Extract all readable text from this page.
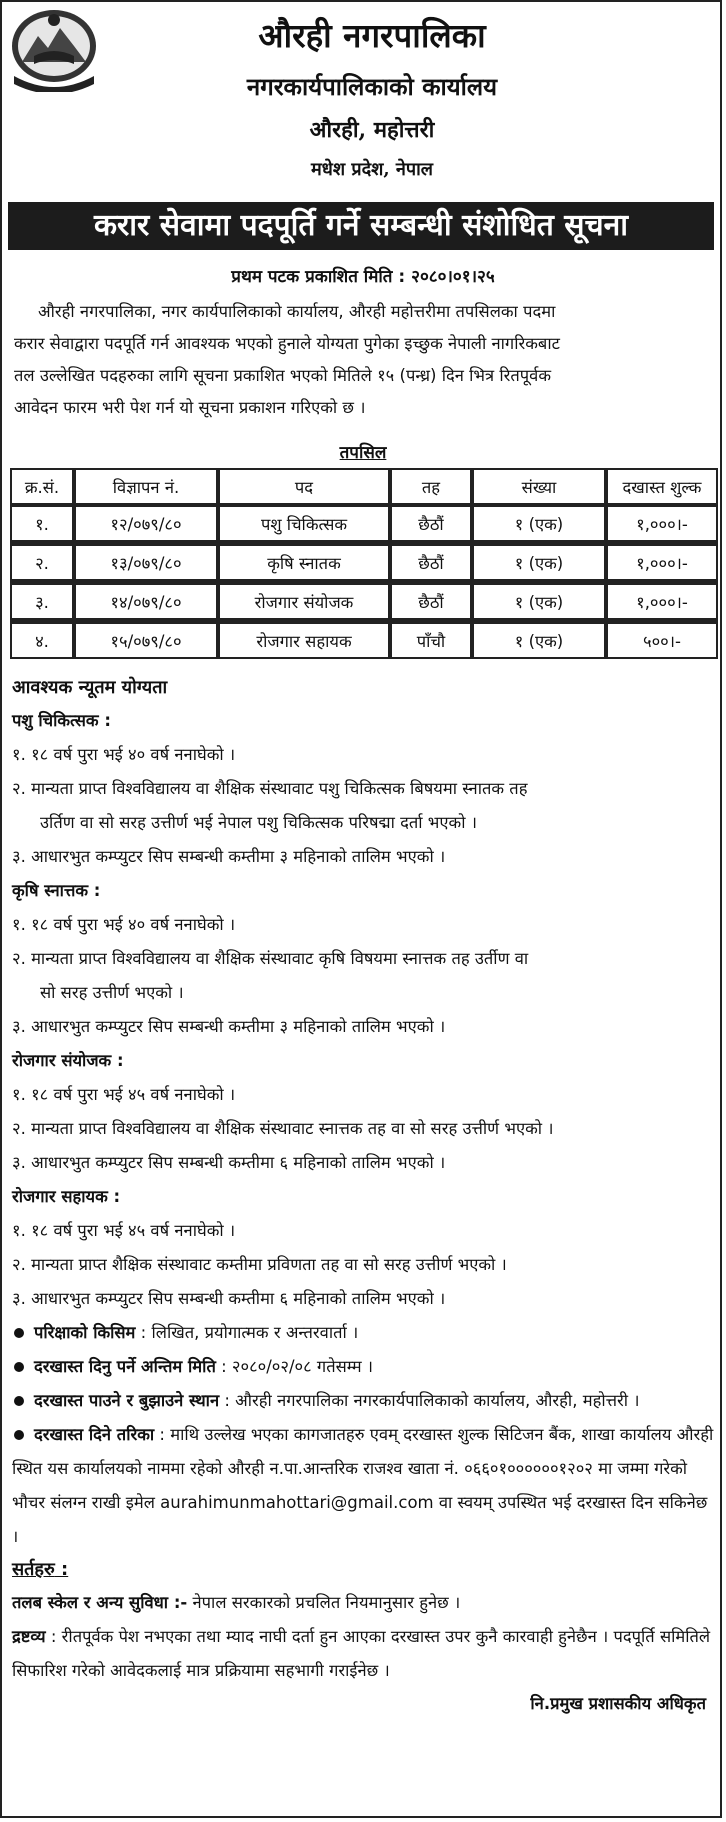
औरही नगरपालिका
नगरकार्यपालिकाको कार्यालय
औरही, महोत्तरी
मधेश प्रदेश, नेपाल
करार सेवामा पदपूर्ति गर्ने सम्बन्धी संशोधित सूचना
प्रथम पटक प्रकाशित मिति : २०८०।०१।२५
औरही नगरपालिका, नगर कार्यपालिकाको कार्यालय, औरही महोत्तरीमा तपसिलका पदमा
करार सेवाद्वारा पदपूर्ति गर्न आवश्यक भएको हुनाले योग्यता पुगेका इच्छुक नेपाली नागरिकबाट
तल उल्लेखित पदहरुका लागि सूचना प्रकाशित भएको मितिले १५ (पन्ध्र) दिन भित्र रितपूर्वक
आवेदन फारम भरी पेश गर्न यो सूचना प्रकाशन गरिएको छ ।
तपसिल
क्र.सं.	विज्ञापन नं.	पद	तह	संख्या	दखास्त शुल्क
१.	१२/०७९/८०	पशु चिकित्सक	छैठौं	१ (एक)	१,०००।-
२.	१३/०७९/८०	कृषि स्नातक	छैठौं	१ (एक)	१,०००।-
३.	१४/०७९/८०	रोजगार संयोजक	छैठौं	१ (एक)	१,०००।-
४.	१५/०७९/८०	रोजगार सहायक	पाँचौ	१ (एक)	५००।-
आवश्यक न्यूतम योग्यता
पशु चिकित्सक :
१. १८ वर्ष पुरा भई ४० वर्ष ननाघेको ।
२. मान्यता प्राप्त विश्वविद्यालय वा शैक्षिक संस्थावाट पशु चिकित्सक बिषयमा स्नातक तह
उर्तिण वा सो सरह उत्तीर्ण भई नेपाल पशु चिकित्सक परिषद्मा दर्ता भएको ।
३. आधारभुत कम्प्युटर सिप सम्बन्धी कम्तीमा ३ महिनाको तालिम भएको ।
कृषि स्नात्तक :
१. १८ वर्ष पुरा भई ४० वर्ष ननाघेको ।
२. मान्यता प्राप्त विश्वविद्यालय वा शैक्षिक संस्थावाट कृषि विषयमा स्नात्तक तह उर्तीण वा
सो सरह उत्तीर्ण भएको ।
३. आधारभुत कम्प्युटर सिप सम्बन्धी कम्तीमा ३ महिनाको तालिम भएको ।
रोजगार संयोजक :
१. १८ वर्ष पुरा भई ४५ वर्ष ननाघेको ।
२. मान्यता प्राप्त विश्वविद्यालय वा शैक्षिक संस्थावाट स्नात्तक तह वा सो सरह उत्तीर्ण भएको ।
३. आधारभुत कम्प्युटर सिप सम्बन्धी कम्तीमा ६ महिनाको तालिम भएको ।
रोजगार सहायक :
१. १८ वर्ष पुरा भई ४५ वर्ष ननाघेको ।
२. मान्यता प्राप्त शैक्षिक संस्थावाट कम्तीमा प्रविणता तह वा सो सरह उत्तीर्ण भएको ।
३. आधारभुत कम्प्युटर सिप सम्बन्धी कम्तीमा ६ महिनाको तालिम भएको ।
परिक्षाको किसिम : लिखित, प्रयोगात्मक र अन्तरवार्ता ।
दरखास्त दिनु पर्ने अन्तिम मिति : २०८०/०२/०८ गतेसम्म ।
दरखास्त पाउने र बुझाउने स्थान : औरही नगरपालिका नगरकार्यपालिकाको कार्यालय, औरही, महोत्तरी ।
दरखास्त दिने तरिका : माथि उल्लेख भएका कागजातहरु एवम् दरखास्त शुल्क सिटिजन बैंक, शाखा कार्यालय औरही स्थित यस कार्यालयको नाममा रहेको औरही न.पा.आन्तरिक राजश्व खाता नं. ०६६०१००००००१२०२ मा जम्मा गरेको भौचर संलग्न राखी इमेल aurahimunmahottari@gmail.com वा स्वयम् उपस्थित भई दरखास्त दिन सकिनेछ ।
सर्तहरु :
तलब स्केल र अन्य सुविधा :- नेपाल सरकारको प्रचलित नियमानुसार हुनेछ ।
द्रष्टव्य : रीतपूर्वक पेश नभएका तथा म्याद नाघी दर्ता हुन आएका दरखास्त उपर कुनै कारवाही हुनेछैन । पदपूर्ति समितिले सिफारिश गरेको आवेदकलाई मात्र प्रक्रियामा सहभागी गराईनेछ ।
नि.प्रमुख प्रशासकीय अधिकृत
